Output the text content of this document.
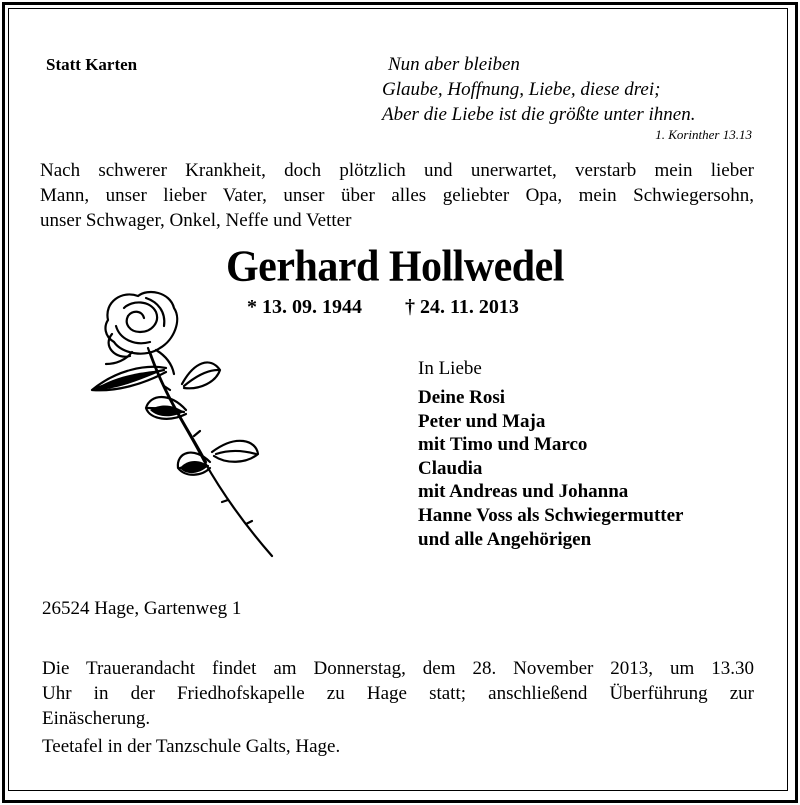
Statt Karten	Nun aber bleiben
Glaube, Hoffnung, Liebe, diese drei;
Aber die Liebe ist die größte unter ihnen.
1. Korinther 13.13
Nach schwerer Krankheit, doch plötzlich und unerwartet, verstarb mein lieber
Mann, unser lieber Vater, unser über alles geliebter Opa, mein Schwiegersohn,
unser Schwager, Onkel, Neffe und Vetter
Gerhard Hollwedel
* 13. 09. 1944 † 24. 11. 2013
In Liebe
Deine Rosi
Peter und Maja
mit Timo und Marco
Claudia
mit Andreas und Johanna
Hanne Voss als Schwiegermutter
und alle Angehörigen
26524 Hage, Gartenweg 1
Die Trauerandacht findet am Donnerstag, dem 28. November 2013, um 13.30
Uhr in der Friedhofskapelle zu Hage statt; anschließend Überführung zur
Einäscherung.
Teetafel in der Tanzschule Galts, Hage.
